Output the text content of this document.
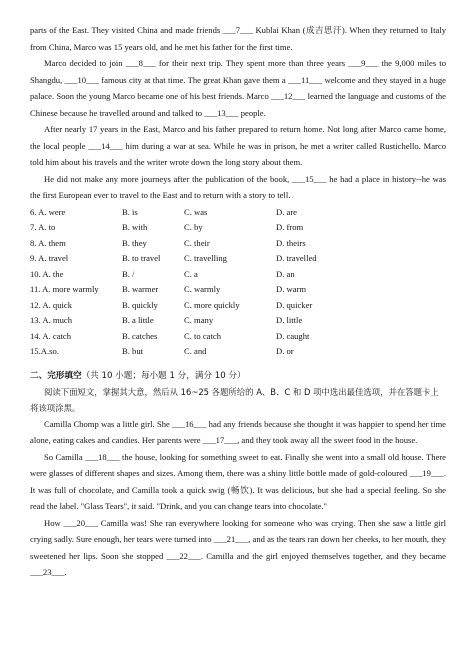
parts of the East. They visited China and made friends ___7___ Kublai Khan (成吉思汗). When they returned to Italy from China, Marco was 15 years old, and he met his father for the first time.

Marco decided to join ___8___ for their next trip. They spent more than three years ___9___ the 9,000 miles to Shangdu, ___10___ famous city at that time. The great Khan gave them a ___11___ welcome and they stayed in a huge palace. Soon the young Marco became one of his best friends. Marco ___12___ learned the language and customs of the Chinese because he travelled around and talked to ___13___ people.

After nearly 17 years in the East, Marco and his father prepared to return home. Not long after Marco came home, the local people ___14___ him during a war at sea. While he was in prison, he met a writer called Rustichello. Marco told him about his travels and the writer wrote down the long story about them.

He did not make any more journeys after the publication of the book, ___15___ he had a place in history--he was the first European ever to travel to the East and to return with a story to tell.

6. A. were	B. is	C. was	D. are
7. A. to	B. with	C. by	D. from
8. A. them	B. they	C. their	D. theirs
9. A. travel	B. to travel	C. travelling	D. travelled
10. A. the	B. /	C. a	D. an
11. A. more warmly	B. warmer	C. warmly	D. warm
12. A. quick	B. quickly	C. more quickly	D. quicker
13. A. much	B. a little	C. many	D. little
14. A. catch	B. catches	C. to catch	D. caught
15.A.so.	B. but	C. and	D. or
二、完形填空（共 10 小题；每小题 1 分，满分 10 分）

阅读下面短文，掌握其大意，然后从 16~25 各题所给的 A、B、C 和 D 项中选出最佳选项，并在答题卡上将该项涂黑。

Camilla Chomp was a little girl. She ___16___ had any friends because she thought it was happier to spend her time alone, eating cakes and candies. Her parents were ___17___, and they took away all the sweet food in the house.

So Camilla ___18___ the house, looking for something sweet to eat. Finally she went into a small old house. There were glasses of different shapes and sizes. Among them, there was a shiny little bottle made of gold-coloured ___19___. It was full of chocolate, and Camilla took a quick swig (畅饮). It was delicious, but she had a special feeling. So she read the label. "Glass Tears", it said. "Drink, and you can change tears into chocolate."

How ___20___ Camilla was! She ran everywhere looking for someone who was crying. Then she saw a little girl crying sadly. Sure enough, her tears were turned into ___21___, and as the tears ran down her cheeks, to her mouth, they sweetened her lips. Soon she stopped ___22___. Camilla and the girl enjoyed themselves together, and they became ___23___.
